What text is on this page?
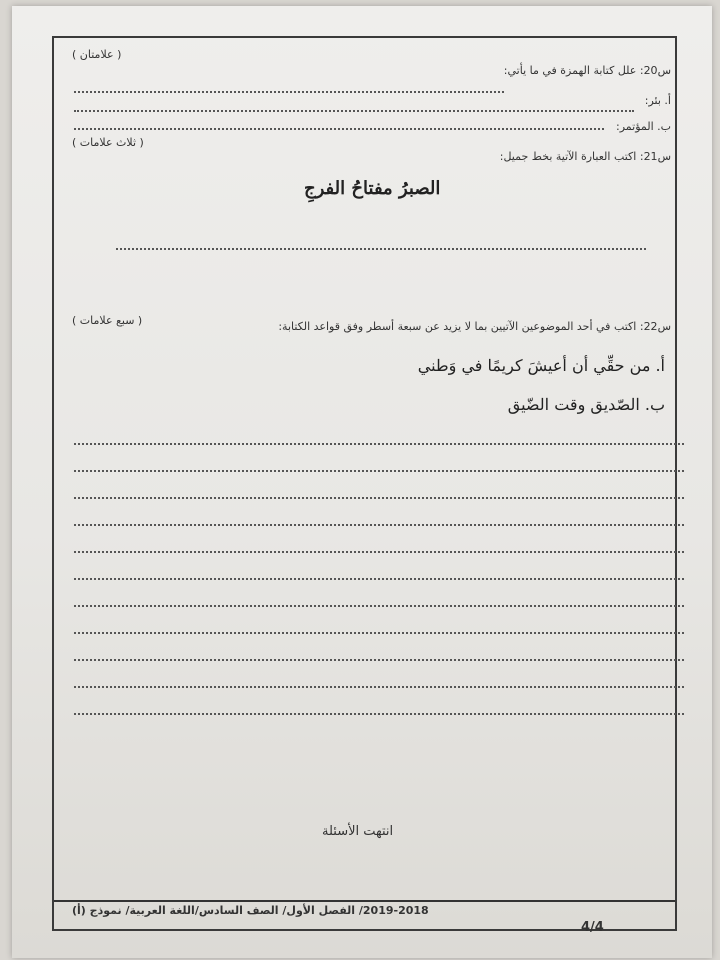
( علامتان )
س20: علل كتابة الهمزة في ما يأتي:
أ. بئر:
ب. المؤتمر:
( ثلاث علامات )
س21: اكتب العبارة الآتية بخط جميل:
الصبرُ مفتاحُ الفرجِ
( سبع علامات )	س22: اكتب في أحد الموضوعين الآتيين بما لا يزيد عن سبعة أسطر وفق قواعد الكتابة:
أ. من حقِّي أن أعيشَ كريمًا في وَطني
ب. الصّديق وقت الضّيق
انتهت الأسئلة
2019-2018/ الفصل الأول/ الصف السادس/اللغة العربية/ نموذج (أ)
4/4
